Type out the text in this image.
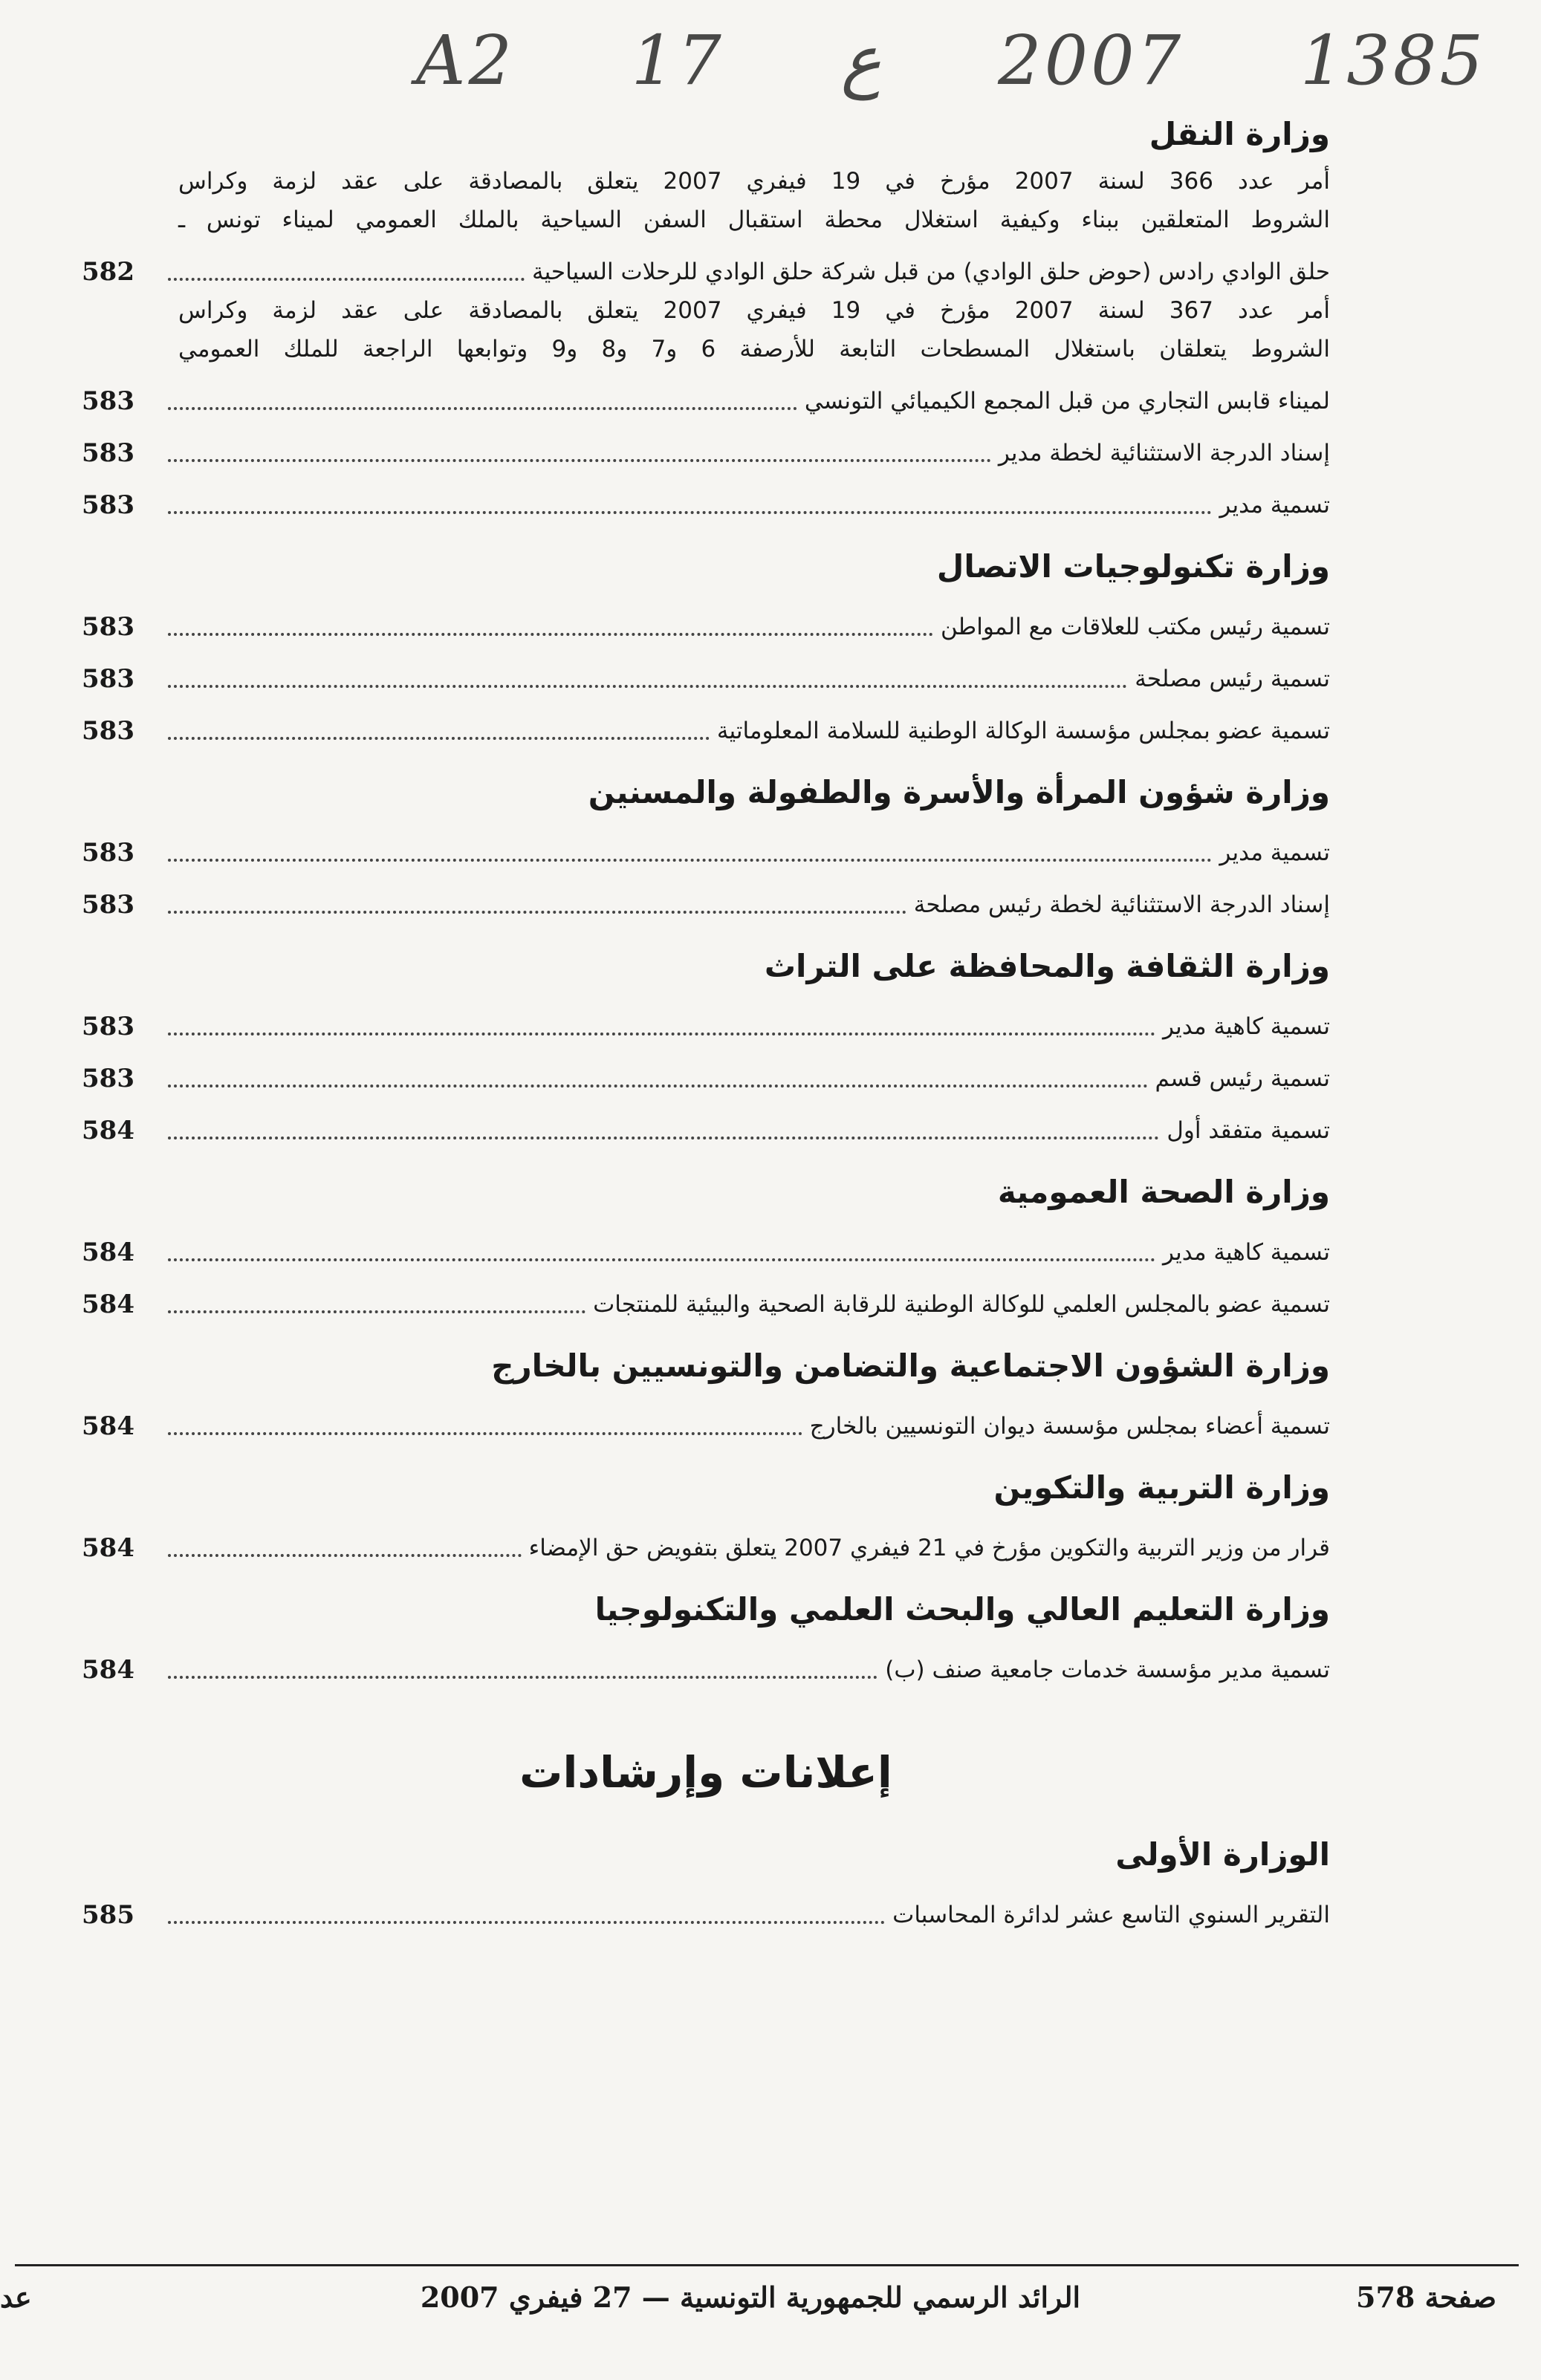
A2 17 ع 2007 1385
وزارة النقل
أمر عدد 366 لسنة 2007 مؤرخ في 19 فيفري 2007 يتعلق بالمصادقة على عقد لزمة وكراس
الشروط المتعلقين ببناء وكيفية استغلال محطة استقبال السفن السياحية بالملك العمومي لميناء تونس ـ
حلق الوادي رادس (حوض حلق الوادي) من قبل شركة حلق الوادي للرحلات السياحية
582
أمر عدد 367 لسنة 2007 مؤرخ في 19 فيفري 2007 يتعلق بالمصادقة على عقد لزمة وكراس
الشروط يتعلقان باستغلال المسطحات التابعة للأرصفة 6 و7 و8 و9 وتوابعها الراجعة للملك العمومي
لميناء قابس التجاري من قبل المجمع الكيميائي التونسي
583
إسناد الدرجة الاستثنائية لخطة مدير
583
تسمية مدير
583
وزارة تكنولوجيات الاتصال
تسمية رئيس مكتب للعلاقات مع المواطن
583
تسمية رئيس مصلحة
583
تسمية عضو بمجلس مؤسسة الوكالة الوطنية للسلامة المعلوماتية
583
وزارة شؤون المرأة والأسرة والطفولة والمسنين
تسمية مدير
583
إسناد الدرجة الاستثنائية لخطة رئيس مصلحة
583
وزارة الثقافة والمحافظة على التراث
تسمية كاهية مدير
583
تسمية رئيس قسم
583
تسمية متفقد أول
584
وزارة الصحة العمومية
تسمية كاهية مدير
584
تسمية عضو بالمجلس العلمي للوكالة الوطنية للرقابة الصحية والبيئية للمنتجات
584
وزارة الشؤون الاجتماعية والتضامن والتونسيين بالخارج
تسمية أعضاء بمجلس مؤسسة ديوان التونسيين بالخارج
584
وزارة التربية والتكوين
قرار من وزير التربية والتكوين مؤرخ في 21 فيفري 2007 يتعلق بتفويض حق الإمضاء
584
وزارة التعليم العالي والبحث العلمي والتكنولوجيا
تسمية مدير مؤسسة خدمات جامعية صنف (ب)
584
إعلانات وإرشادات
الوزارة الأولى
التقرير السنوي التاسع عشر لدائرة المحاسبات
585
صفحة 578
الرائد الرسمي للجمهورية التونسية — 27 فيفري 2007
عد
